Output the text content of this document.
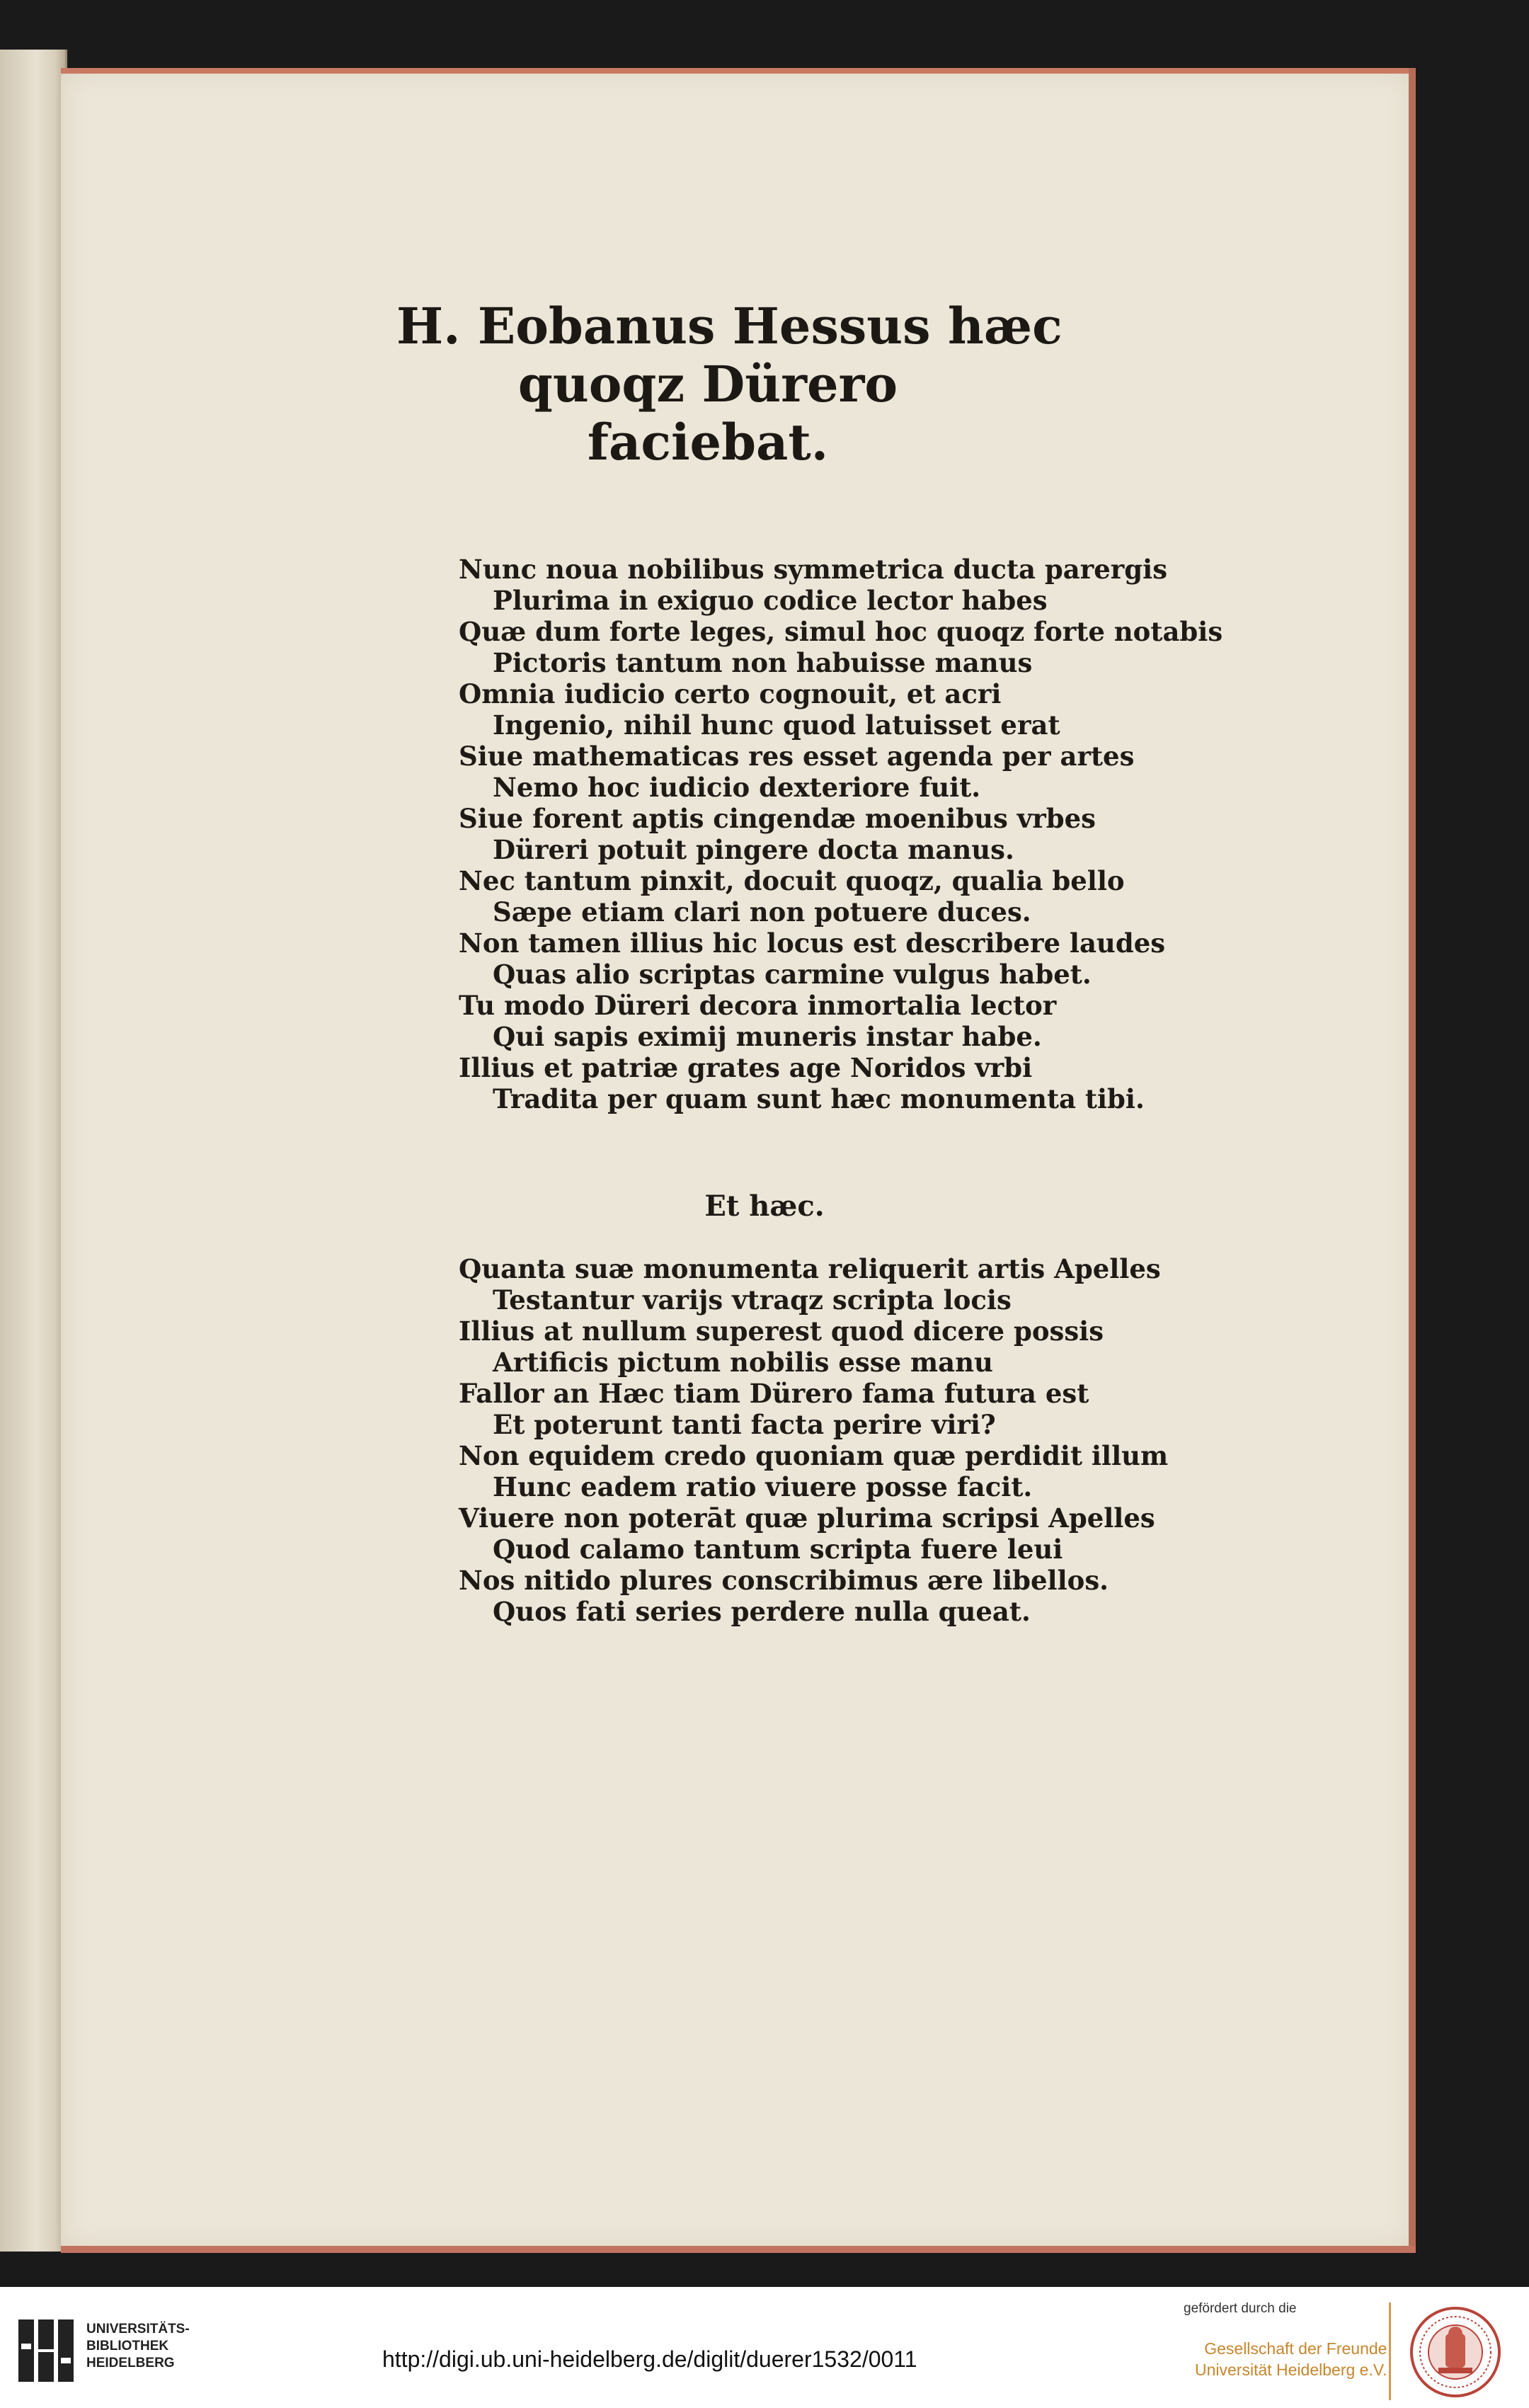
H. Eobanus Hessus hæc
quoqz Dürero
faciebat.
Nunc noua nobilibus symmetrica ducta parergis
Plurima in exiguo codice lector habes
Quæ dum forte leges, simul hoc quoqz forte notabis
Pictoris tantum non habuisse manus
Omnia iudicio certo cognouit, et acri
Ingenio, nihil hunc quod latuisset erat
Siue mathematicas res esset agenda per artes
Nemo hoc iudicio dexteriore fuit.
Siue forent aptis cingendæ moenibus vrbes
Düreri potuit pingere docta manus.
Nec tantum pinxit, docuit quoqz, qualia bello
Sæpe etiam clari non potuere duces.
Non tamen illius hic locus est describere laudes
Quas alio scriptas carmine vulgus habet.
Tu modo Düreri decora inmortalia lector
Qui sapis eximij muneris instar habe.
Illius et patriæ grates age Noridos vrbi
Tradita per quam sunt hæc monumenta tibi.
Et hæc.
Quanta suæ monumenta reliquerit artis Apelles
Testantur varijs vtraqz scripta locis
Illius at nullum superest quod dicere possis
Artificis pictum nobilis esse manu
Fallor an Hæc tiam Dürero fama futura est
Et poterunt tanti facta perire viri?
Non equidem credo quoniam quæ perdidit illum
Hunc eadem ratio viuere posse facit.
Viuere non poterāt quæ plurima scripsi Apelles
Quod calamo tantum scripta fuere leui
Nos nitido plures conscribimus ære libellos.
Quos fati series perdere nulla queat.
UNIVERSITÄTS-
BIBLIOTHEK
HEIDELBERG	http://digi.ub.uni-heidelberg.de/diglit/duerer1532/0011
gefördert durch die
Gesellschaft der Freunde
Universität Heidelberg e.V.
